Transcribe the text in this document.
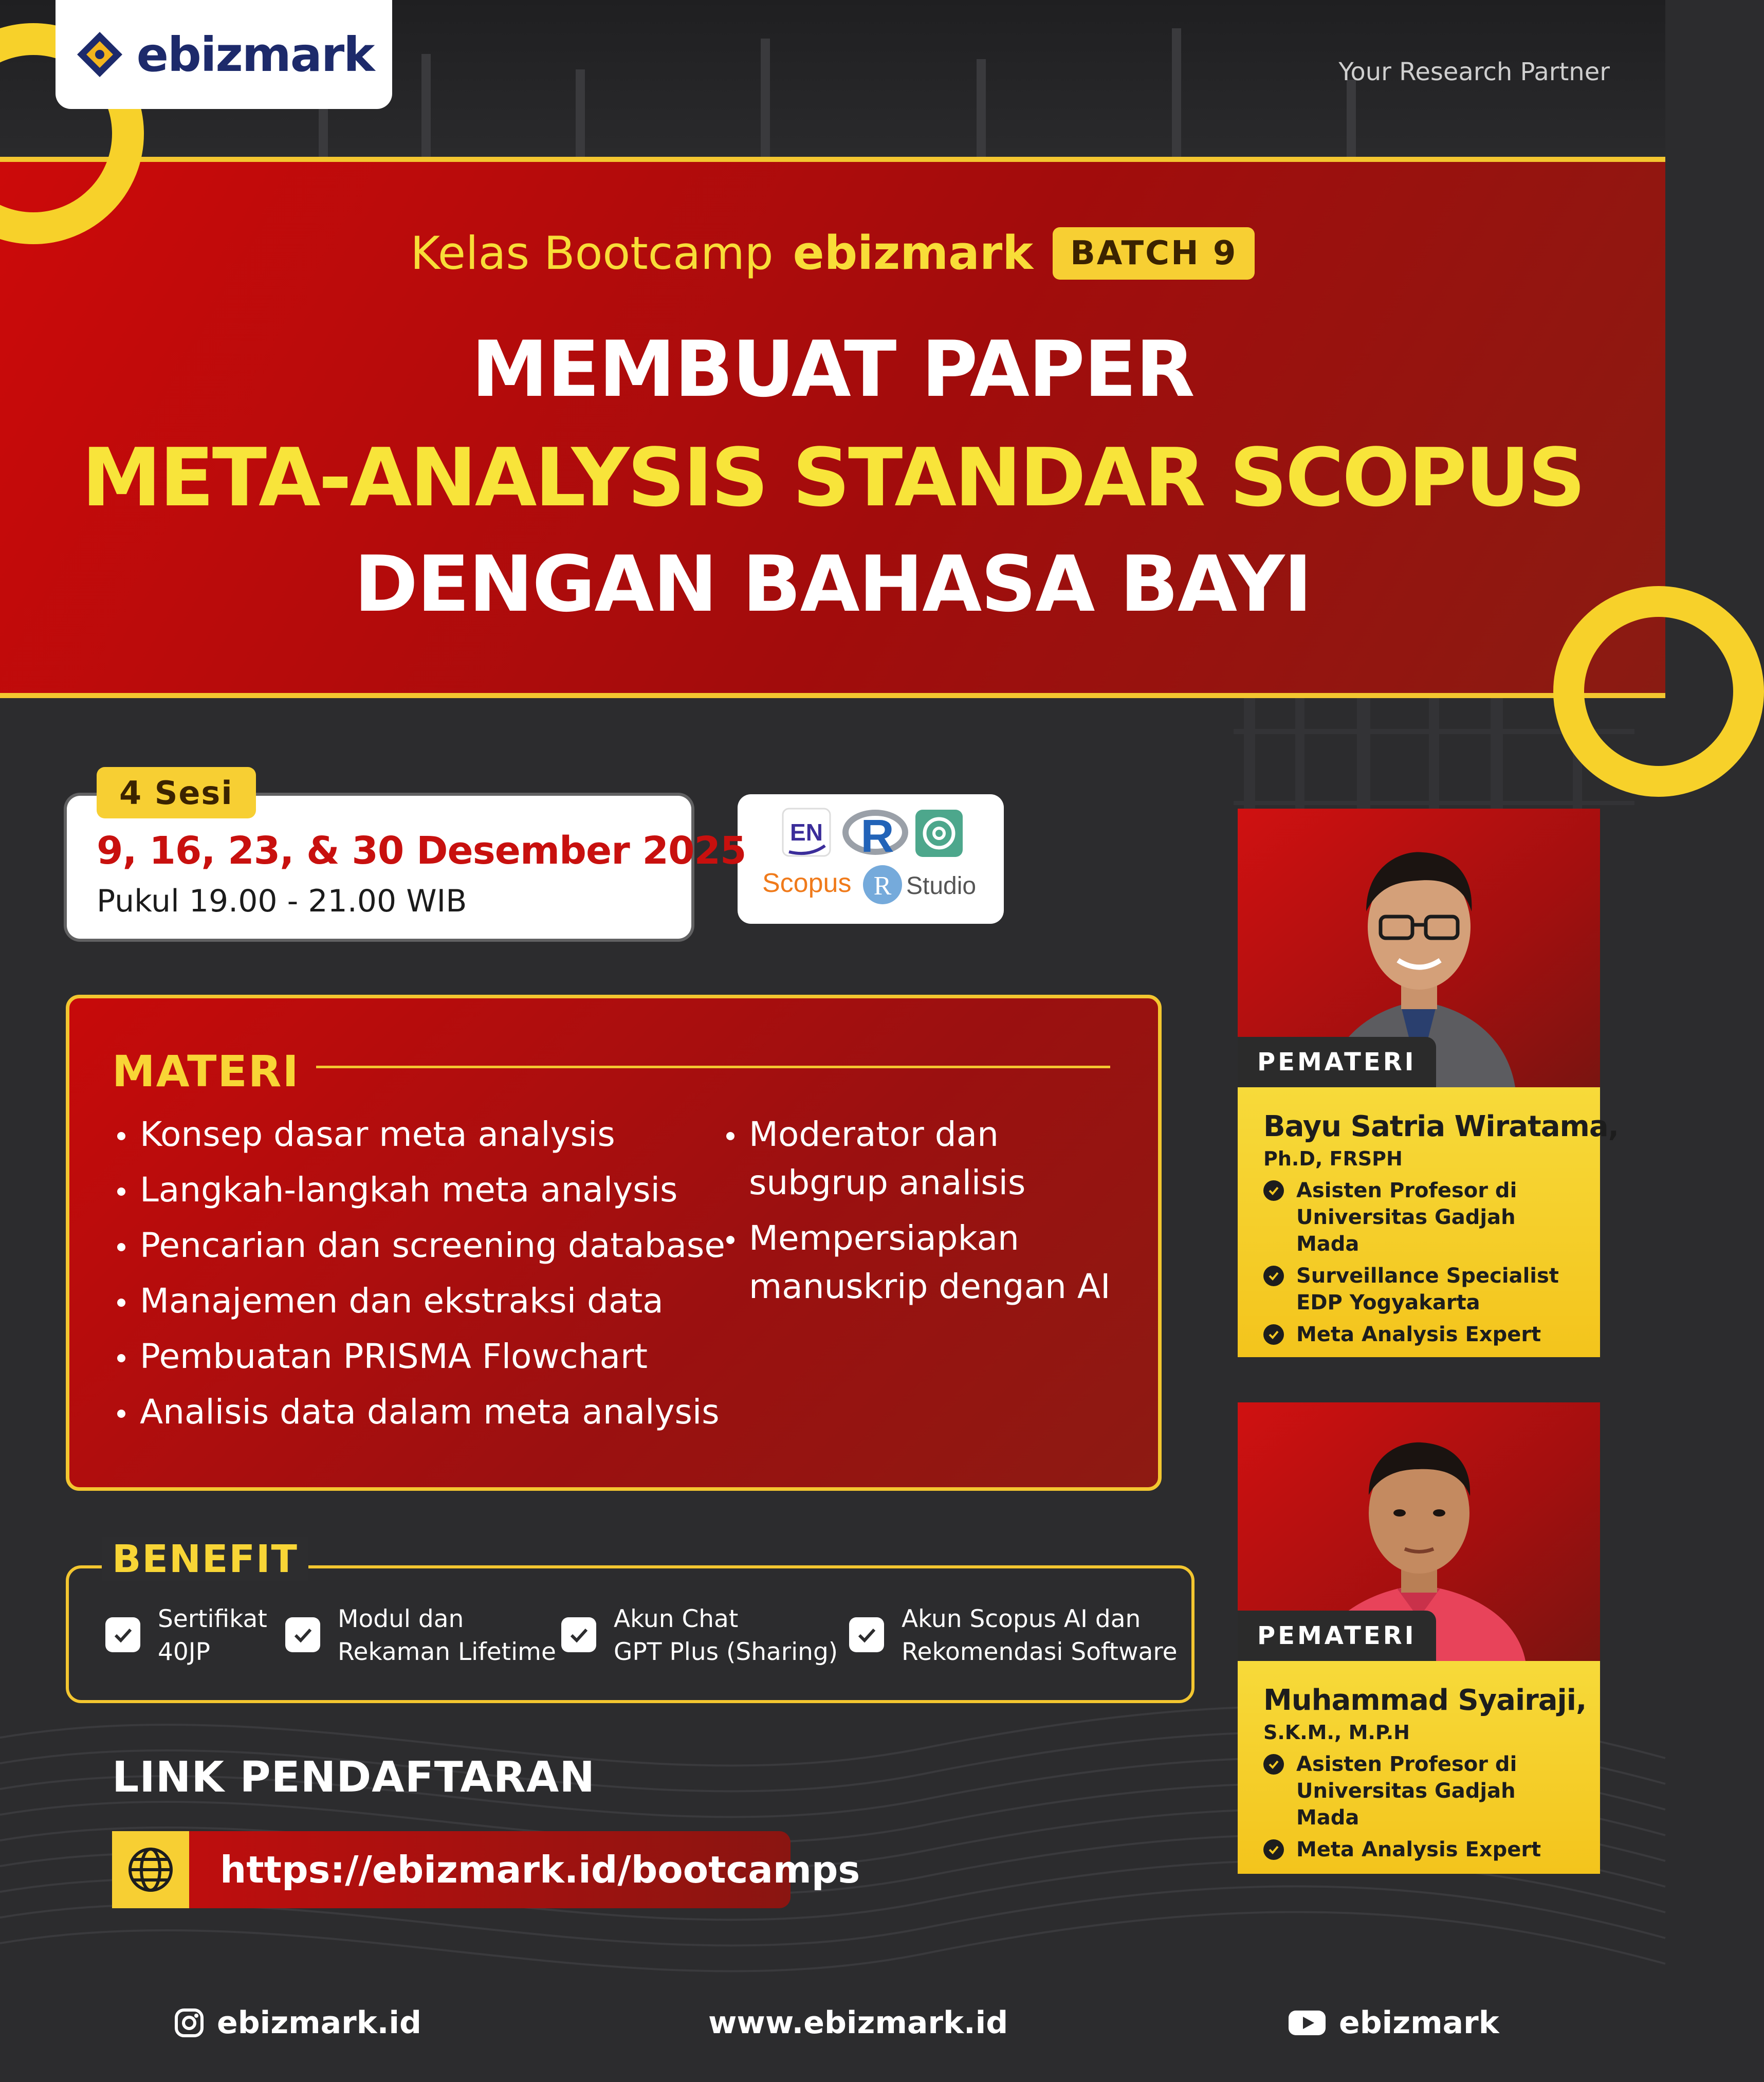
ebizmark	Your Research Partner
Kelas Bootcamp ebizmark	BATCH 9
MEMBUAT PAPER
META-ANALYSIS STANDAR SCOPUS
DENGAN BAHASA BAYI
4 Sesi
9, 16, 23, & 30 Desember 2025
Pukul 19.00 - 21.00 WIB
EN R
Scopus R Studio
MATERI
Konsep dasar meta analysis
Langkah-langkah meta analysis
Pencarian dan screening database
Manajemen dan ekstraksi data
Pembuatan PRISMA Flowchart
Analisis data dalam meta analysis
Moderator dan subgrup analisis
Mempersiapkan manuskrip dengan AI
BENEFIT
Sertifikat
40JP
Modul dan
Rekaman Lifetime
Akun Chat
GPT Plus (Sharing)
Akun Scopus AI dan
Rekomendasi Software
LINK PENDAFTARAN
https://ebizmark.id/bootcamps
PEMATERI
Bayu Satria Wiratama,
Ph.D, FRSPH
Asisten Profesor di Universitas Gadjah Mada
Surveillance Specialist EDP Yogyakarta
Meta Analysis Expert
PEMATERI
Muhammad Syairaji,
S.K.M., M.P.H
Asisten Profesor di Universitas Gadjah Mada
Meta Analysis Expert
ebizmark.id	www.ebizmark.id	ebizmark
